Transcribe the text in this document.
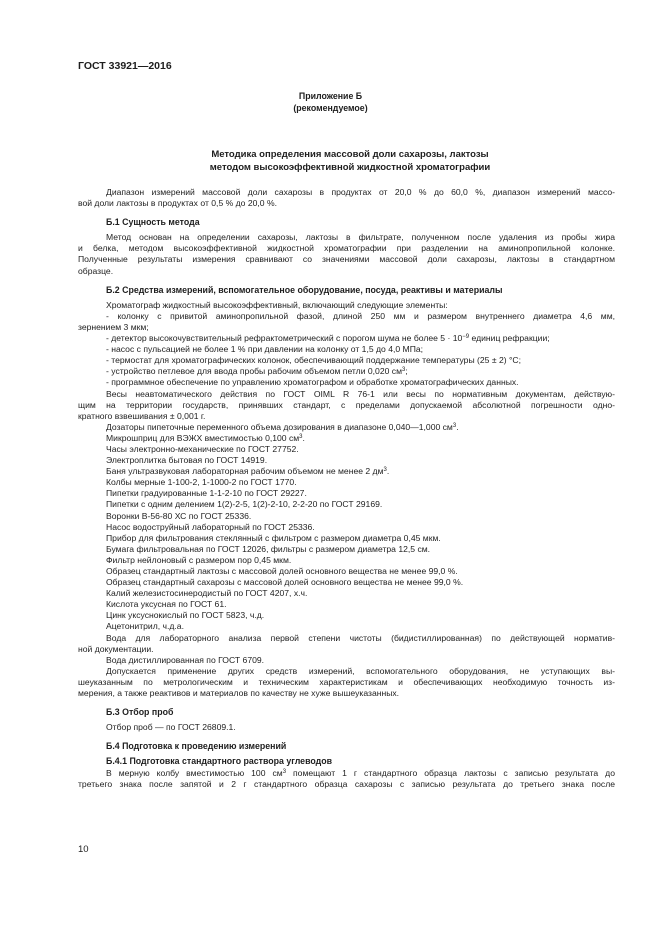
ГОСТ 33921—2016
Приложение Б
(рекомендуемое)
Методика определения массовой доли сахарозы, лактозы
методом высокоэффективной жидкостной хроматографии
Диапазон измерений массовой доли сахарозы в продуктах от 20,0 % до 60,0 %, диапазон измерений массо-
вой доли лактозы в продуктах от 0,5 % до 20,0 %.
Б.1 Сущность метода
Метод основан на определении сахарозы, лактозы в фильтрате, полученном после удаления из пробы жира
и белка, методом высокоэффективной жидкостной хроматографии при разделении на аминопропильной колонке.
Полученные результаты измерения сравнивают со значениями массовой доли сахарозы, лактозы в стандартном
образце.
Б.2 Средства измерений, вспомогательное оборудование, посуда, реактивы и материалы
Хроматограф жидкостный высокоэффективный, включающий следующие элементы:
- колонку с привитой аминопропильной фазой, длиной 250 мм и размером внутреннего диаметра 4,6 мм,
зернением 3 мкм;
- детектор высокочувствительный рефрактометрический с порогом шума не более $5 \cdot 10^{-9}$ единиц рефракции;
- насос с пульсацией не более 1 % при давлении на колонку от 1,5 до 4,0 МПа;
- термостат для хроматографических колонок, обеспечивающий поддержание температуры (25 ± 2) °С;
- устройство петлевое для ввода пробы рабочим объемом петли 0,020 $см^3$;
- программное обеспечение по управлению хроматографом и обработке хроматографических данных.
Весы неавтоматического действия по ГОСТ OIML R 76-1 или весы по нормативным документам, действую-
щим на территории государств, принявших стандарт, с пределами допускаемой абсолютной погрешности одно-
кратного взвешивания ± 0,001 г.
Дозаторы пипеточные переменного объема дозирования в диапазоне 0,040—1,000 $см^3$.
Микрошприц для ВЭЖХ вместимостью 0,100 $см^3$.
Часы электронно-механические по ГОСТ 27752.
Электроплитка бытовая по ГОСТ 14919.
Баня ультразвуковая лабораторная рабочим объемом не менее 2 $дм^3$.
Колбы мерные 1-100-2, 1-1000-2 по ГОСТ 1770.
Пипетки градуированные 1-1-2-10 по ГОСТ 29227.
Пипетки с одним делением 1(2)-2-5, 1(2)-2-10, 2-2-20 по ГОСТ 29169.
Воронки В-56-80 ХС по ГОСТ 25336.
Насос водоструйный лабораторный по ГОСТ 25336.
Прибор для фильтрования стеклянный с фильтром с размером диаметра 0,45 мкм.
Бумага фильтровальная по ГОСТ 12026, фильтры с размером диаметра 12,5 см.
Фильтр нейлоновый с размером пор 0,45 мкм.
Образец стандартный лактозы с массовой долей основного вещества не менее 99,0 %.
Образец стандартный сахарозы с массовой долей основного вещества не менее 99,0 %.
Калий железистосинеродистый по ГОСТ 4207, х.ч.
Кислота уксусная по ГОСТ 61.
Цинк уксуснокислый по ГОСТ 5823, ч.д.
Ацетонитрил, ч.д.а.
Вода для лабораторного анализа первой степени чистоты (бидистиллированная) по действующей норматив-
ной документации.
Вода дистиллированная по ГОСТ 6709.
Допускается применение других средств измерений, вспомогательного оборудования, не уступающих вы-
шеуказанным по метрологическим и техническим характеристикам и обеспечивающих необходимую точность из-
мерения, а также реактивов и материалов по качеству не хуже вышеуказанных.
Б.3 Отбор проб
Отбор проб — по ГОСТ 26809.1.
Б.4 Подготовка к проведению измерений
Б.4.1 Подготовка стандартного раствора углеводов
В мерную колбу вместимостью 100 $см^3$ помещают 1 г стандартного образца лактозы с записью результата до
третьего знака после запятой и 2 г стандартного образца сахарозы с записью результата до третьего знака после
10
